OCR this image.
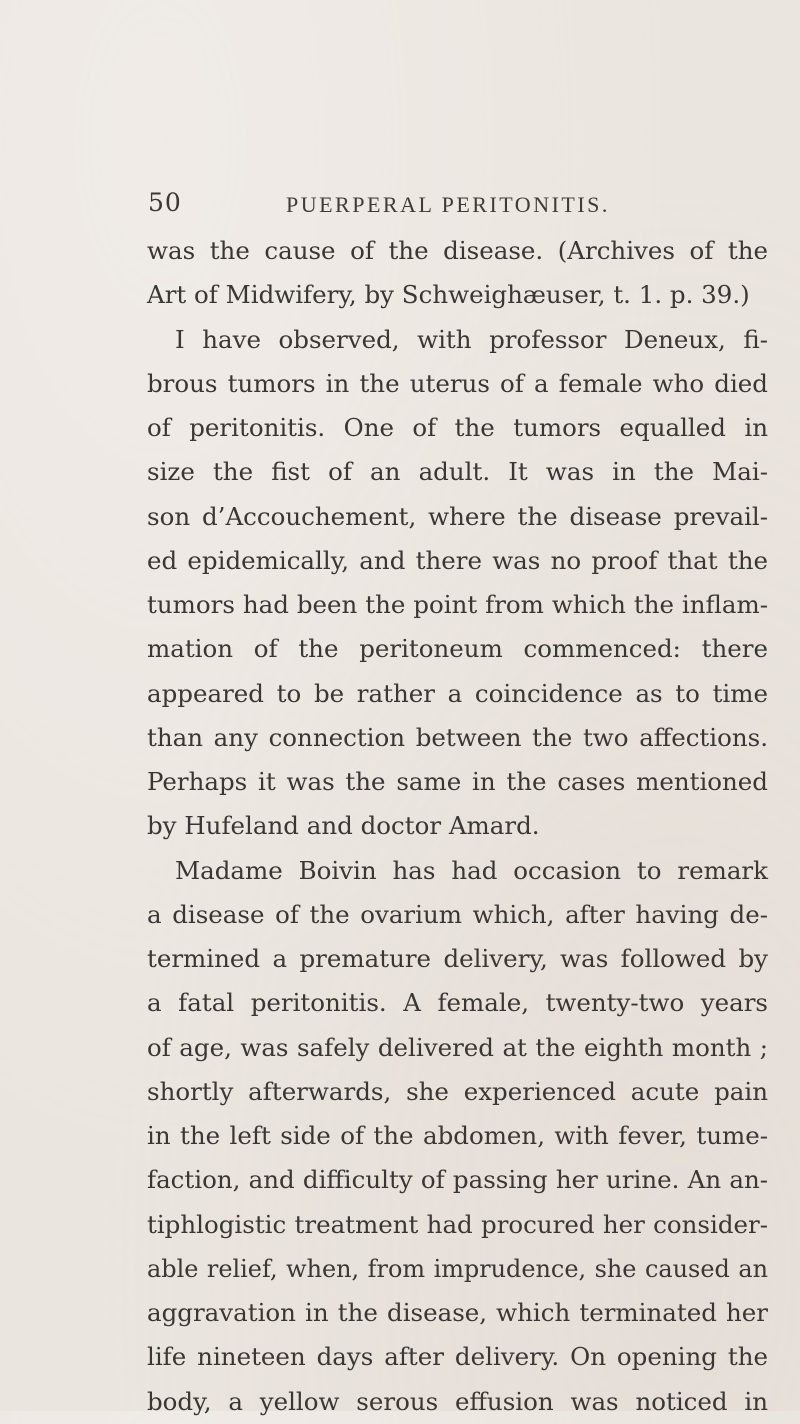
50	PUERPERAL PERITONITIS.
was the cause of the disease. (Archives of the
Art of Midwifery, by Schweighæuser, t. 1. p. 39.)
I have observed, with professor Deneux, fi-
brous tumors in the uterus of a female who died
of peritonitis. One of the tumors equalled in
size the fist of an adult. It was in the Mai-
son d’Accouchement, where the disease prevail-
ed epidemically, and there was no proof that the
tumors had been the point from which the inflam-
mation of the peritoneum commenced: there
appeared to be rather a coincidence as to time
than any connection between the two affections.
Perhaps it was the same in the cases mentioned
by Hufeland and doctor Amard.
Madame Boivin has had occasion to remark
a disease of the ovarium which, after having de-
termined a premature delivery, was followed by
a fatal peritonitis. A female, twenty-two years
of age, was safely delivered at the eighth month ;
shortly afterwards, she experienced acute pain
in the left side of the abdomen, with fever, tume-
faction, and difficulty of passing her urine. An an-
tiphlogistic treatment had procured her consider-
able relief, when, from imprudence, she caused an
aggravation in the disease, which terminated her
life nineteen days after delivery. On opening the
body, a yellow serous effusion was noticed in
